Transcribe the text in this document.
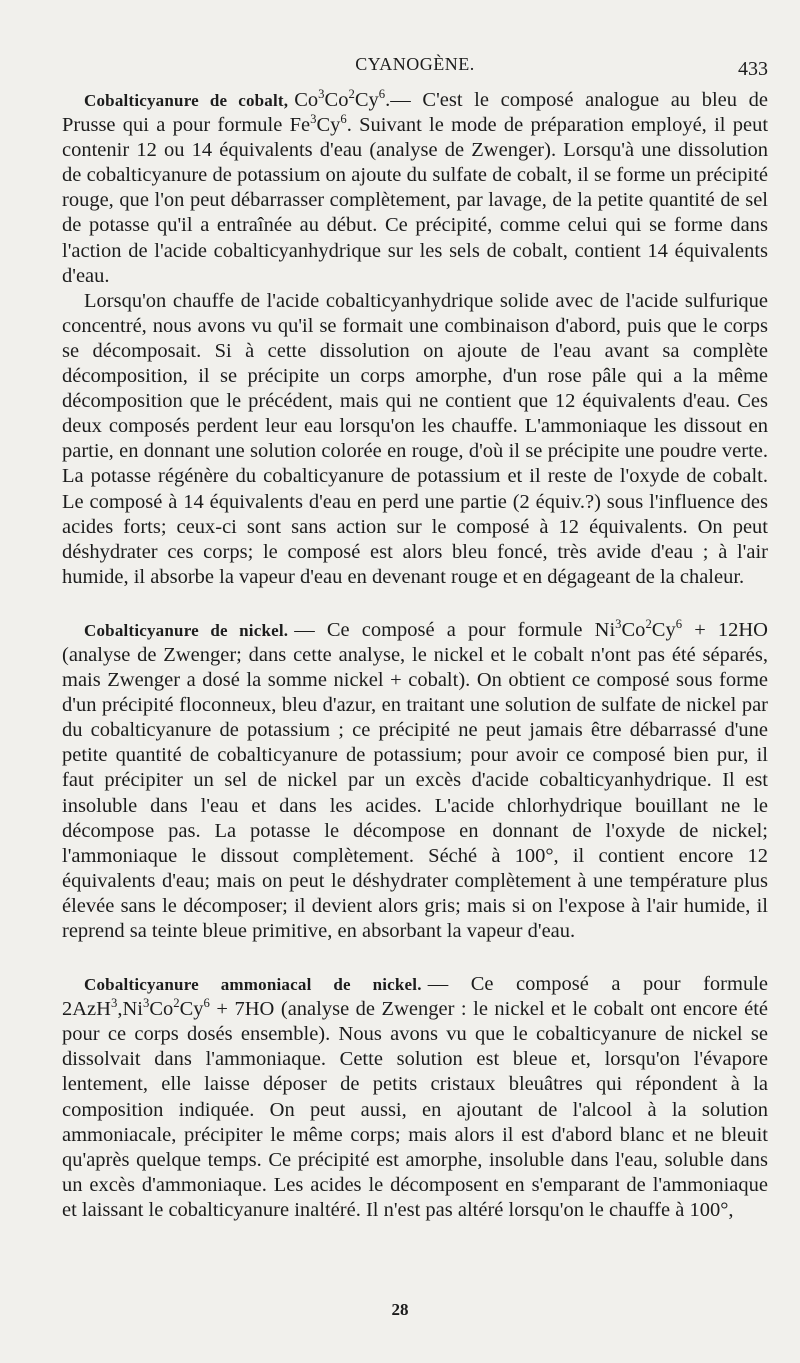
CYANOGÈNE.	433

Cobalticyanure de cobalt, Co$^3$Co$^2$Cy$^6$.— C'est le composé analogue au bleu de Prusse qui a pour formule Fe$^3$Cy$^6$. Suivant le mode de préparation employé, il peut contenir 12 ou 14 équivalents d'eau (analyse de Zwenger). Lorsqu'à une dissolution de cobalticyanure de potassium on ajoute du sulfate de cobalt, il se forme un précipité rouge, que l'on peut débarrasser complètement, par lavage, de la petite quantité de sel de potasse qu'il a entraînée au début. Ce précipité, comme celui qui se forme dans l'action de l'acide cobalticyanhydrique sur les sels de cobalt, contient 14 équivalents d'eau.

Lorsqu'on chauffe de l'acide cobalticyanhydrique solide avec de l'acide sulfurique concentré, nous avons vu qu'il se formait une combinaison d'abord, puis que le corps se décomposait. Si à cette dissolution on ajoute de l'eau avant sa complète décomposition, il se précipite un corps amorphe, d'un rose pâle qui a la même décomposition que le précédent, mais qui ne contient que 12 équivalents d'eau. Ces deux composés perdent leur eau lorsqu'on les chauffe. L'ammoniaque les dissout en partie, en donnant une solution colorée en rouge, d'où il se précipite une poudre verte. La potasse régénère du cobalticyanure de potassium et il reste de l'oxyde de cobalt. Le composé à 14 équivalents d'eau en perd une partie (2 équiv.?) sous l'influence des acides forts; ceux-ci sont sans action sur le composé à 12 équivalents. On peut déshydrater ces corps; le composé est alors bleu foncé, très avide d'eau ; à l'air humide, il absorbe la vapeur d'eau en devenant rouge et en dégageant de la chaleur.

Cobalticyanure de nickel. — Ce composé a pour formule $Ni^3Co^2Cy^6 + 12HO$ (analyse de Zwenger; dans cette analyse, le nickel et le cobalt n'ont pas été séparés, mais Zwenger a dosé la somme nickel + cobalt). On obtient ce composé sous forme d'un précipité floconneux, bleu d'azur, en traitant une solution de sulfate de nickel par du cobalticyanure de potassium ; ce précipité ne peut jamais être débarrassé d'une petite quantité de cobalticyanure de potassium; pour avoir ce composé bien pur, il faut précipiter un sel de nickel par un excès d'acide cobalticyanhydrique. Il est insoluble dans l'eau et dans les acides. L'acide chlorhydrique bouillant ne le décompose pas. La potasse le décompose en donnant de l'oxyde de nickel; l'ammoniaque le dissout complètement. Séché à 100°, il contient encore 12 équivalents d'eau; mais on peut le déshydrater complètement à une température plus élevée sans le décomposer; il devient alors gris; mais si on l'expose à l'air humide, il reprend sa teinte bleue primitive, en absorbant la vapeur d'eau.

Cobalticyanure ammoniacal de nickel. — Ce composé a pour formule $2AzH^3,Ni^3Co^2Cy^6 + 7HO$ (analyse de Zwenger : le nickel et le cobalt ont encore été pour ce corps dosés ensemble). Nous avons vu que le cobalticyanure de nickel se dissolvait dans l'ammoniaque. Cette solution est bleue et, lorsqu'on l'évapore lentement, elle laisse déposer de petits cristaux bleuâtres qui répondent à la composition indiquée. On peut aussi, en ajoutant de l'alcool à la solution ammoniacale, précipiter le même corps; mais alors il est d'abord blanc et ne bleuit qu'après quelque temps. Ce précipité est amorphe, insoluble dans l'eau, soluble dans un excès d'ammoniaque. Les acides le décomposent en s'emparant de l'ammoniaque et laissant le cobalticyanure inaltéré. Il n'est pas altéré lorsqu'on le chauffe à 100°,

28
